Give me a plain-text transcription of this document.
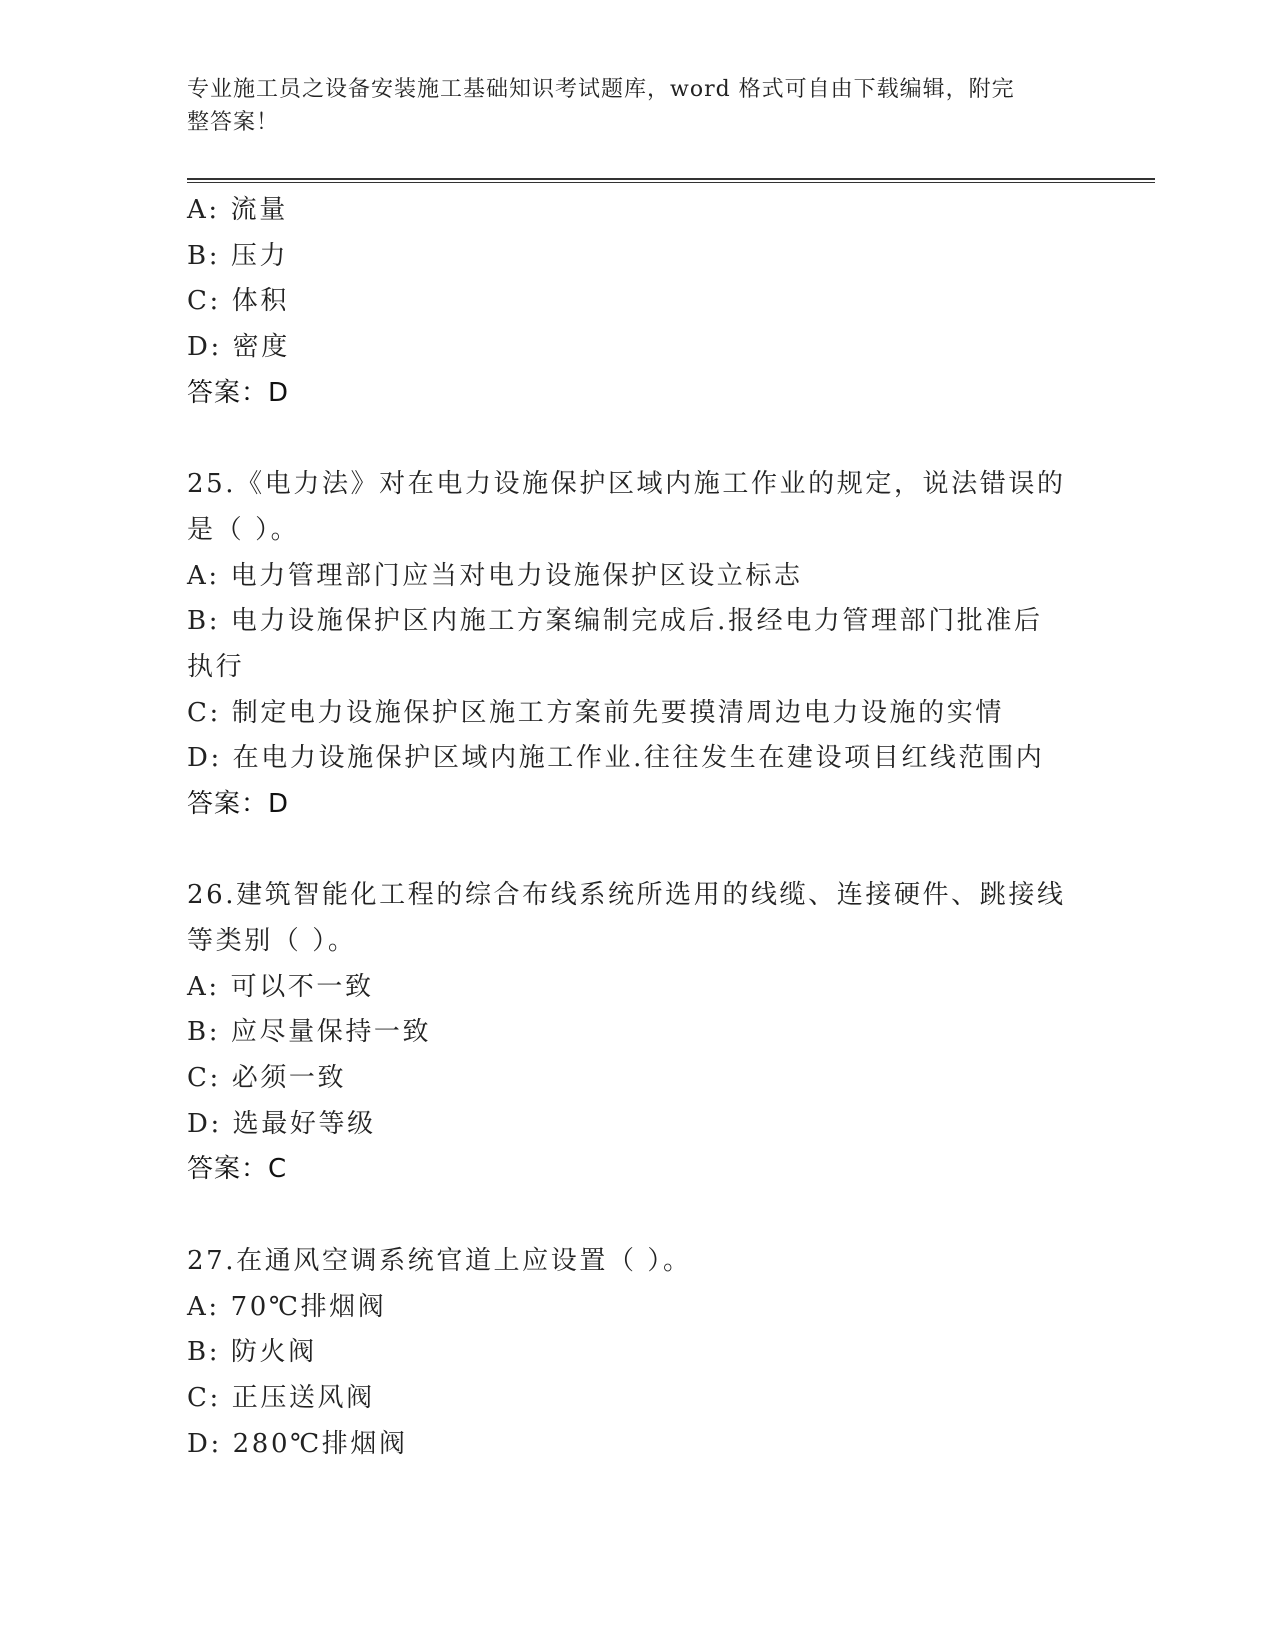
专业施工员之设备安装施工基础知识考试题库，word 格式可自由下载编辑，附完
整答案！
A: 流量
B: 压力
C: 体积
D: 密度
答案：D
25.《电力法》对在电力设施保护区域内施工作业的规定，说法错误的
是（ ）。
A: 电力管理部门应当对电力设施保护区设立标志
B: 电力设施保护区内施工方案编制完成后.报经电力管理部门批准后
执行
C: 制定电力设施保护区施工方案前先要摸清周边电力设施的实情
D: 在电力设施保护区域内施工作业.往往发生在建设项目红线范围内
答案：D
26.建筑智能化工程的综合布线系统所选用的线缆、连接硬件、跳接线
等类别（ ）。
A: 可以不一致
B: 应尽量保持一致
C: 必须一致
D: 选最好等级
答案：C
27.在通风空调系统官道上应设置（ ）。
A: 70℃排烟阀
B: 防火阀
C: 正压送风阀
D: 280℃排烟阀
